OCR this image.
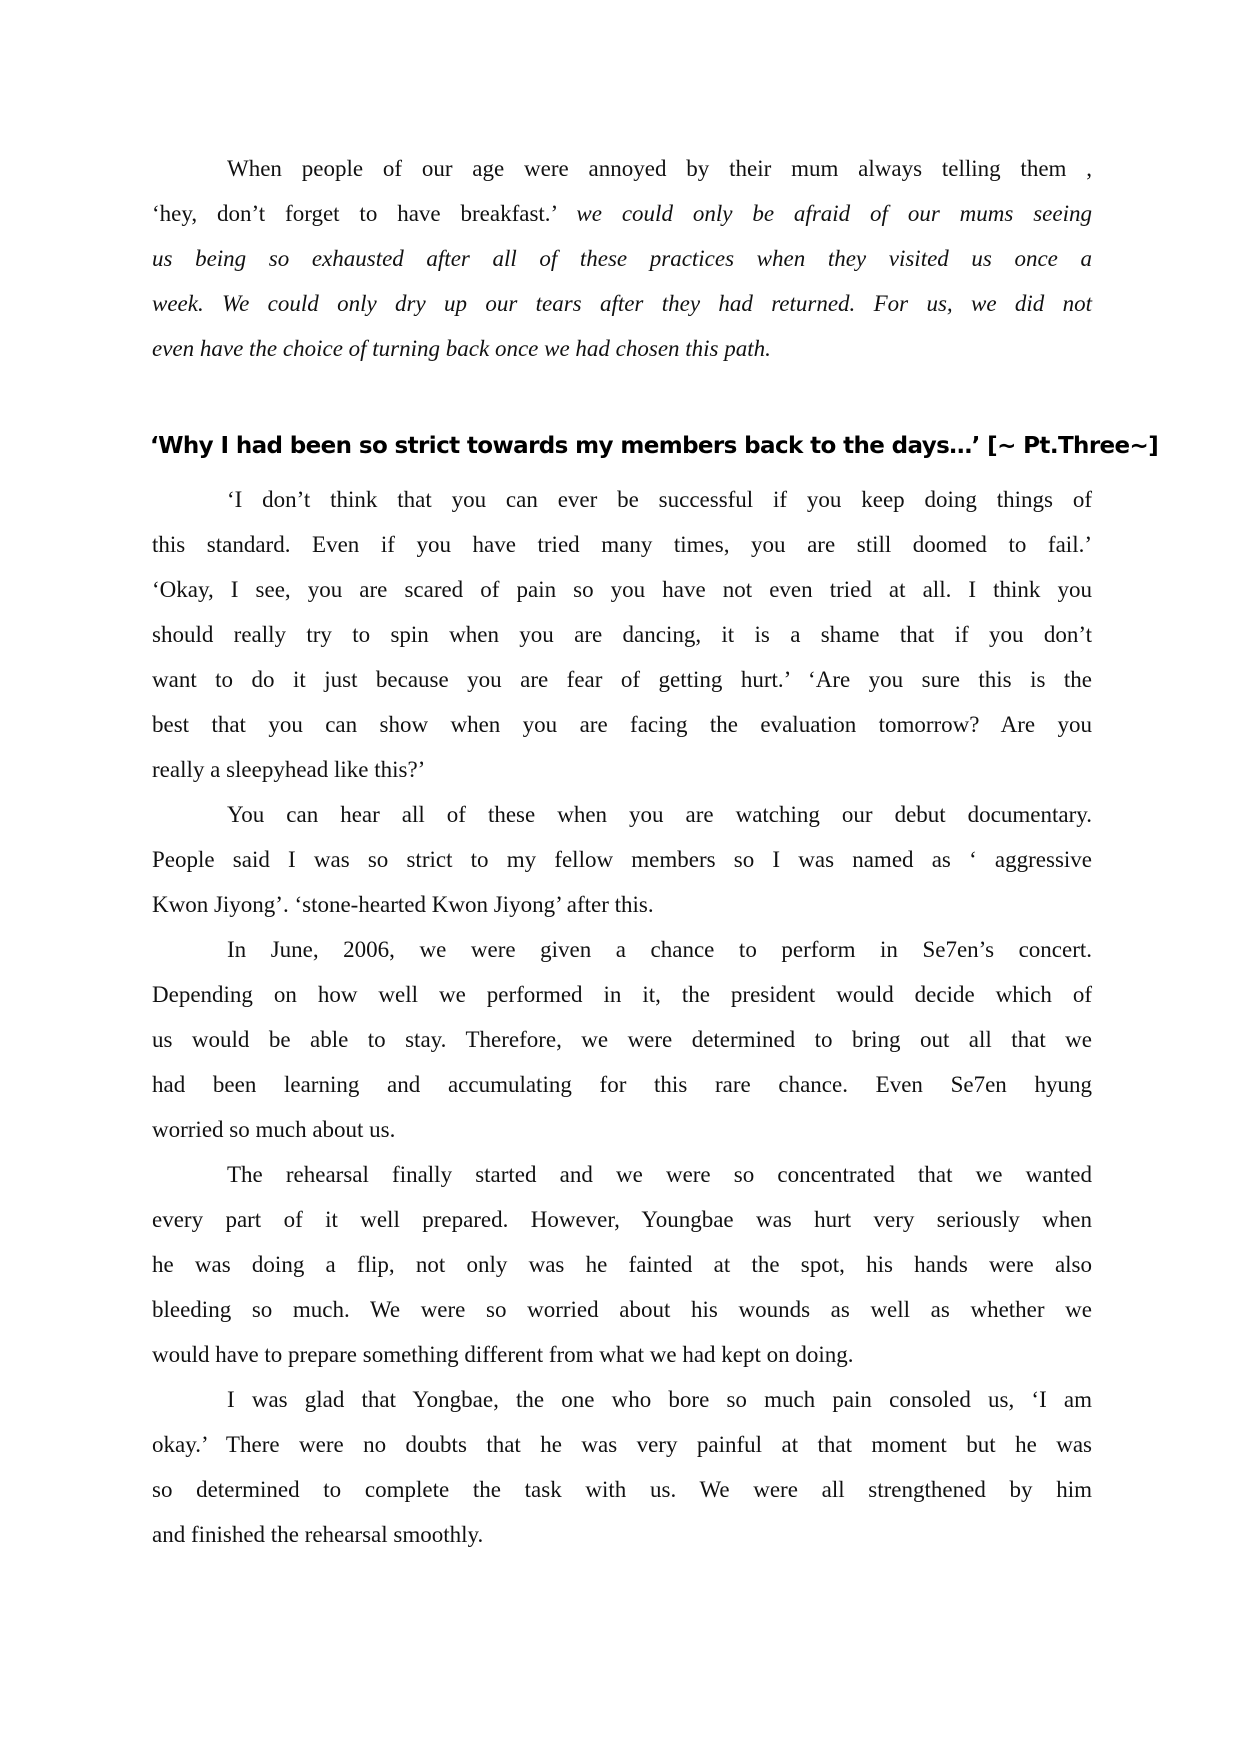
When people of our age were annoyed by their mum always telling them ,
‘hey, don’t forget to have breakfast.’ we could only be afraid of our mums seeing
us being so exhausted after all of these practices when they visited us once a
week. We could only dry up our tears after they had returned. For us, we did not
even have the choice of turning back once we had chosen this path.
‘Why I had been so strict towards my members back to the days…’ [~ Pt.Three~]
‘I don’t think that you can ever be successful if you keep doing things of
this standard. Even if you have tried many times, you are still doomed to fail.’
‘Okay, I see, you are scared of pain so you have not even tried at all. I think you
should really try to spin when you are dancing, it is a shame that if you don’t
want to do it just because you are fear of getting hurt.’ ‘Are you sure this is the
best that you can show when you are facing the evaluation tomorrow? Are you
really a sleepyhead like this?’
You can hear all of these when you are watching our debut documentary.
People said I was so strict to my fellow members so I was named as ‘ aggressive
Kwon Jiyong’. ‘stone-hearted Kwon Jiyong’ after this.
In June, 2006, we were given a chance to perform in Se7en’s concert.
Depending on how well we performed in it, the president would decide which of
us would be able to stay. Therefore, we were determined to bring out all that we
had been learning and accumulating for this rare chance. Even Se7en hyung
worried so much about us.
The rehearsal finally started and we were so concentrated that we wanted
every part of it well prepared. However, Youngbae was hurt very seriously when
he was doing a flip, not only was he fainted at the spot, his hands were also
bleeding so much. We were so worried about his wounds as well as whether we
would have to prepare something different from what we had kept on doing.
I was glad that Yongbae, the one who bore so much pain consoled us, ‘I am
okay.’ There were no doubts that he was very painful at that moment but he was
so determined to complete the task with us. We were all strengthened by him
and finished the rehearsal smoothly.
